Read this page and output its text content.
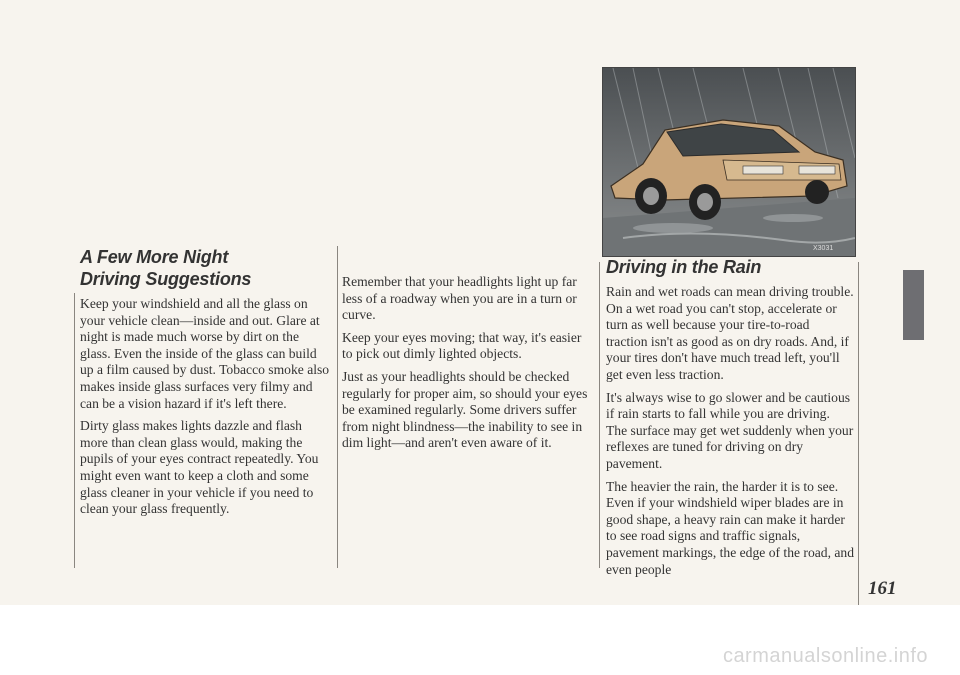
A Few More Night Driving Suggestions

Keep your windshield and all the glass on your vehicle clean—inside and out. Glare at night is made much worse by dirt on the glass. Even the inside of the glass can build up a film caused by dust. Tobacco smoke also makes inside glass surfaces very filmy and can be a vision hazard if it's left there.

Dirty glass makes lights dazzle and flash more than clean glass would, making the pupils of your eyes contract repeatedly. You might even want to keep a cloth and some glass cleaner in your vehicle if you need to clean your glass frequently.

Remember that your headlights light up far less of a roadway when you are in a turn or curve.

Keep your eyes moving; that way, it's easier to pick out dimly lighted objects.

Just as your headlights should be checked regularly for proper aim, so should your eyes be examined regularly. Some drivers suffer from night blindness—the inability to see in dim light—and aren't even aware of it.

X3031
Driving in the Rain

Rain and wet roads can mean driving trouble. On a wet road you can't stop, accelerate or turn as well because your tire-to-road traction isn't as good as on dry roads. And, if your tires don't have much tread left, you'll get even less traction.

It's always wise to go slower and be cautious if rain starts to fall while you are driving. The surface may get wet suddenly when your reflexes are tuned for driving on dry pavement.

The heavier the rain, the harder it is to see. Even if your windshield wiper blades are in good shape, a heavy rain can make it harder to see road signs and traffic signals, pavement markings, the edge of the road, and even people

161
carmanualsonline.info
